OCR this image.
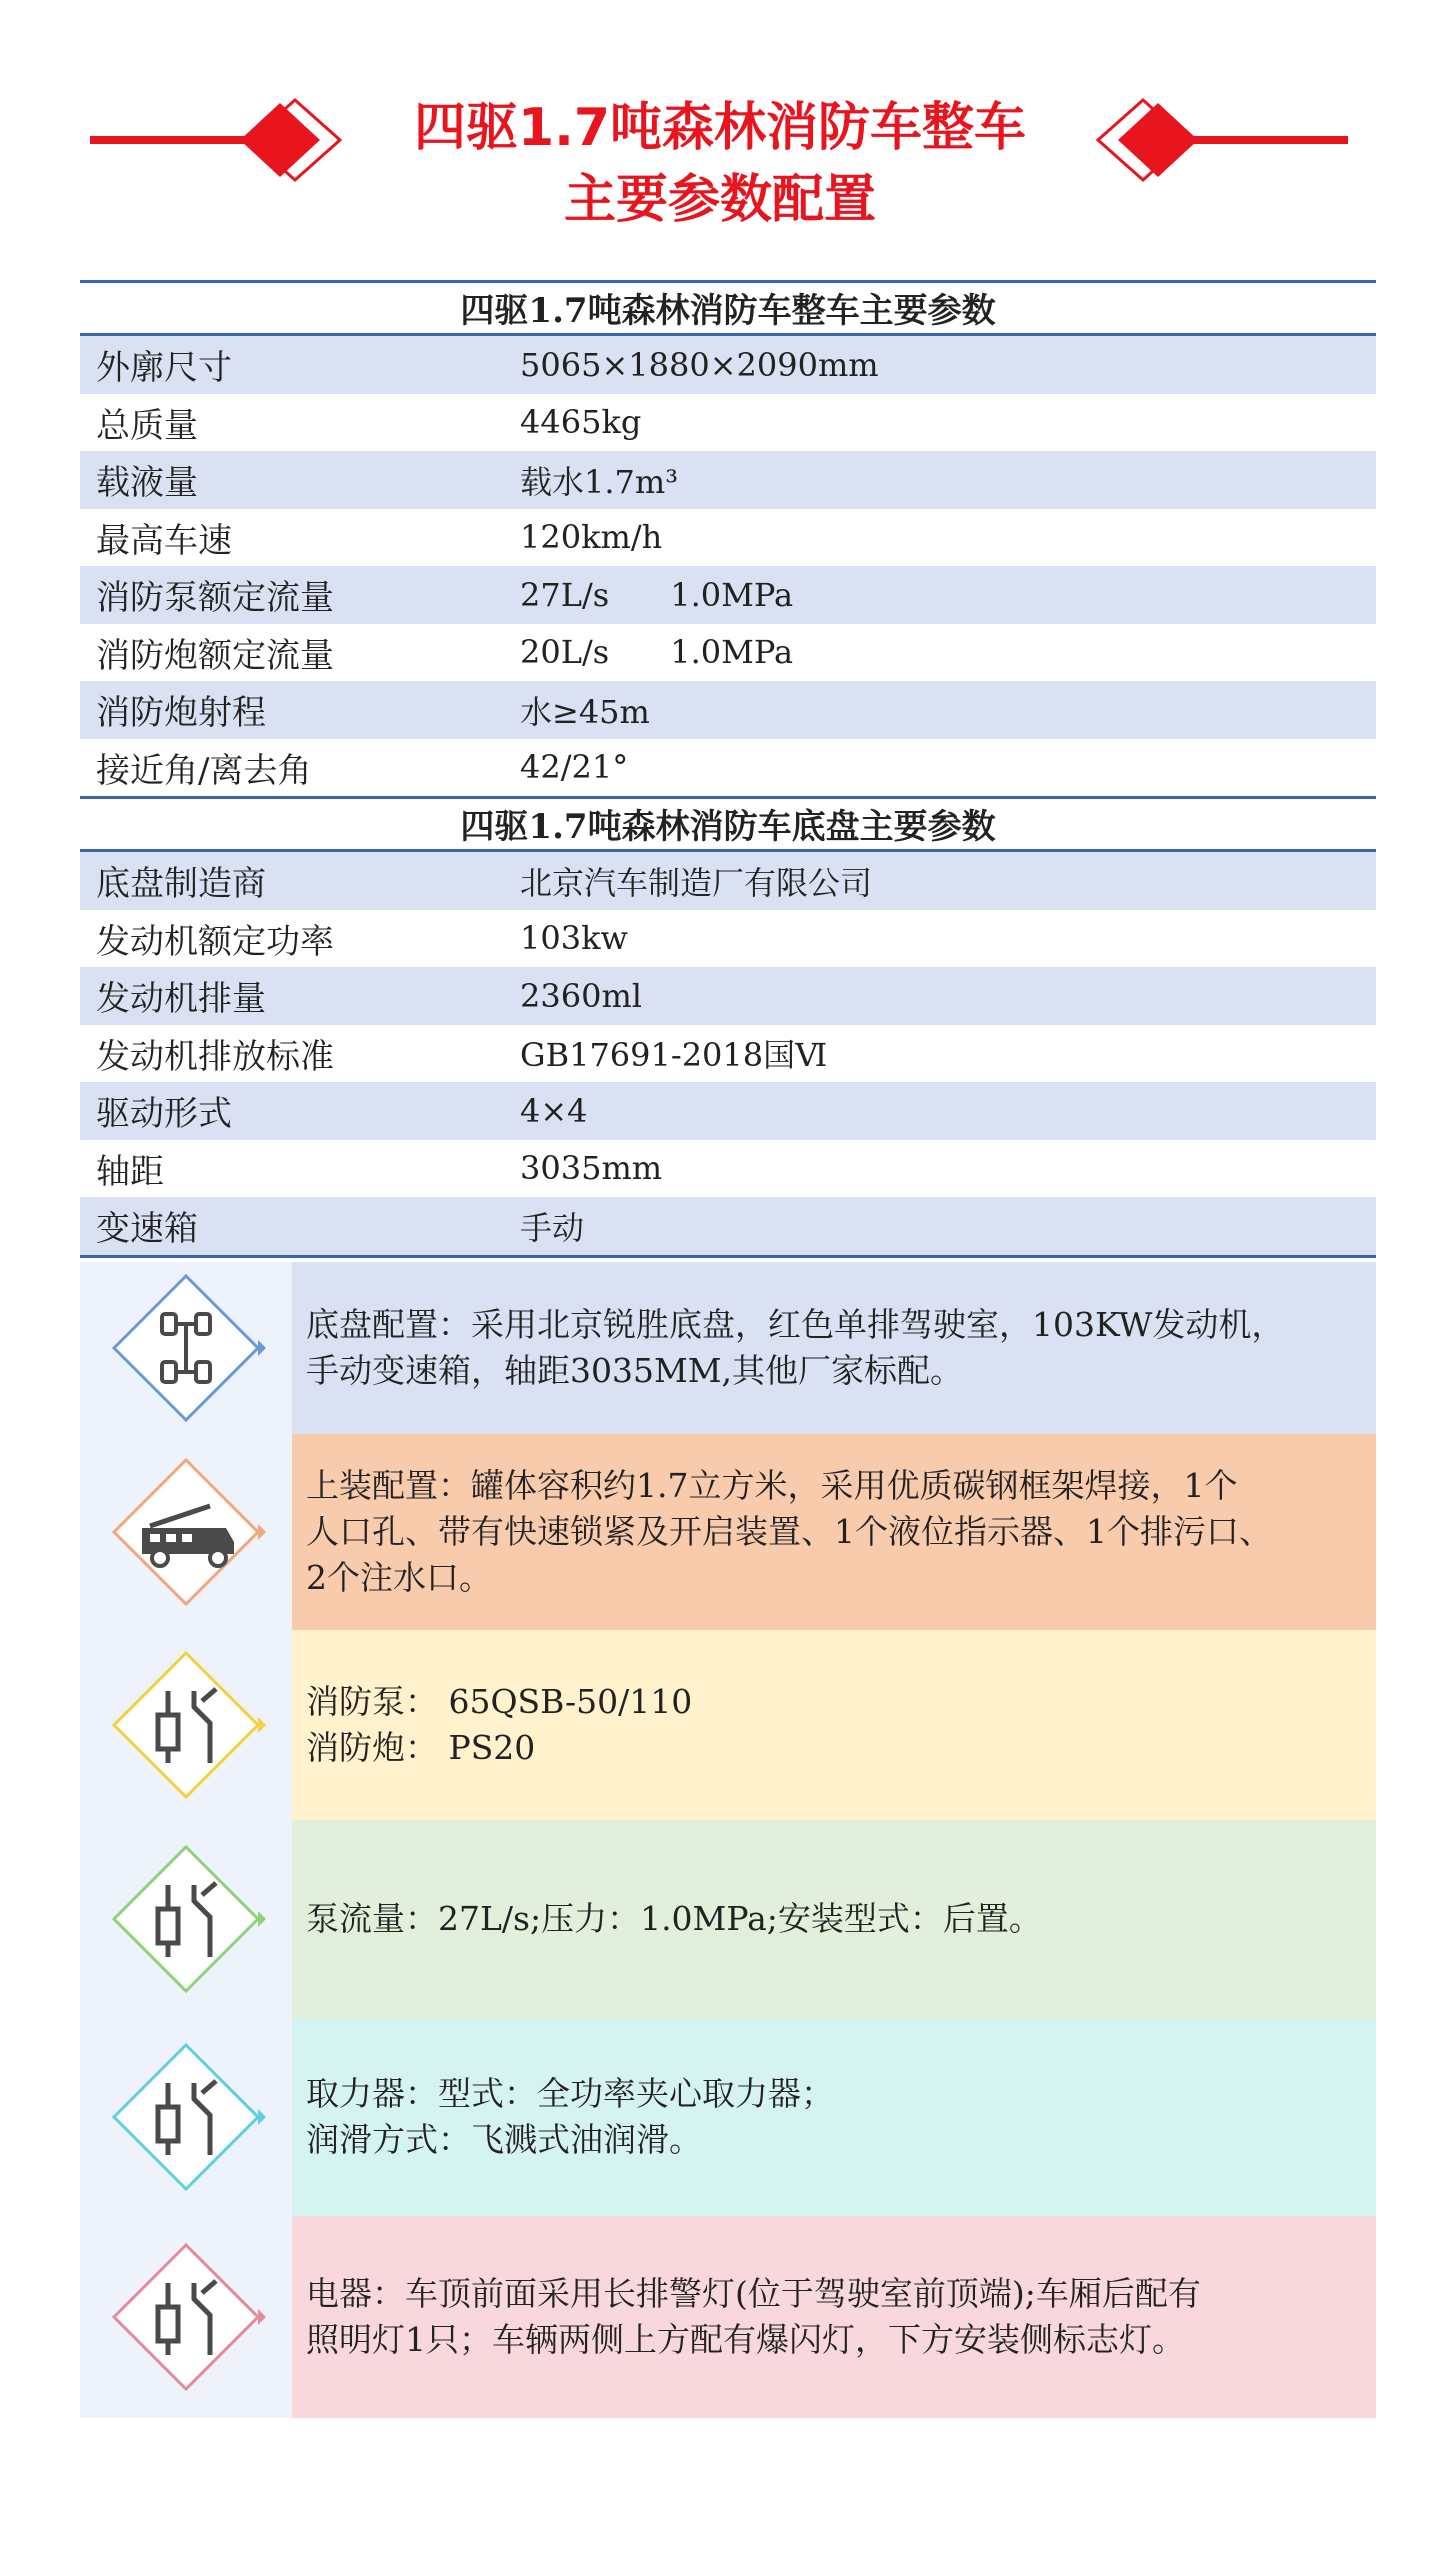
四驱1.7吨森林消防车整车
主要参数配置
四驱1.7吨森林消防车整车主要参数
外廓尺寸	5065×1880×2090mm
总质量	4465kg
载液量	载水1.7m³
最高车速	120km/h
消防泵额定流量	27L/s      1.0MPa
消防炮额定流量	20L/s      1.0MPa
消防炮射程	水≥45m
接近角/离去角	42/21°
四驱1.7吨森林消防车底盘主要参数
底盘制造商	北京汽车制造厂有限公司
发动机额定功率	103kw
发动机排量	2360ml
发动机排放标准	GB17691-2018国Ⅵ
驱动形式	4×4
轴距	3035mm
变速箱	手动
底盘配置：采用北京锐胜底盘，红色单排驾驶室，103KW发动机，
手动变速箱，轴距3035MM,其他厂家标配。
上装配置：罐体容积约1.7立方米，采用优质碳钢框架焊接，1个
人口孔、带有快速锁紧及开启装置、1个液位指示器、1个排污口、
2个注水口。
消防泵： 65QSB-50/110
消防炮： PS20
泵流量：27L/s;压力：1.0MPa;安装型式：后置。
取力器：型式：全功率夹心取力器；
润滑方式：飞溅式油润滑。
电器：车顶前面采用长排警灯(位于驾驶室前顶端);车厢后配有
照明灯1只；车辆两侧上方配有爆闪灯，下方安装侧标志灯。
